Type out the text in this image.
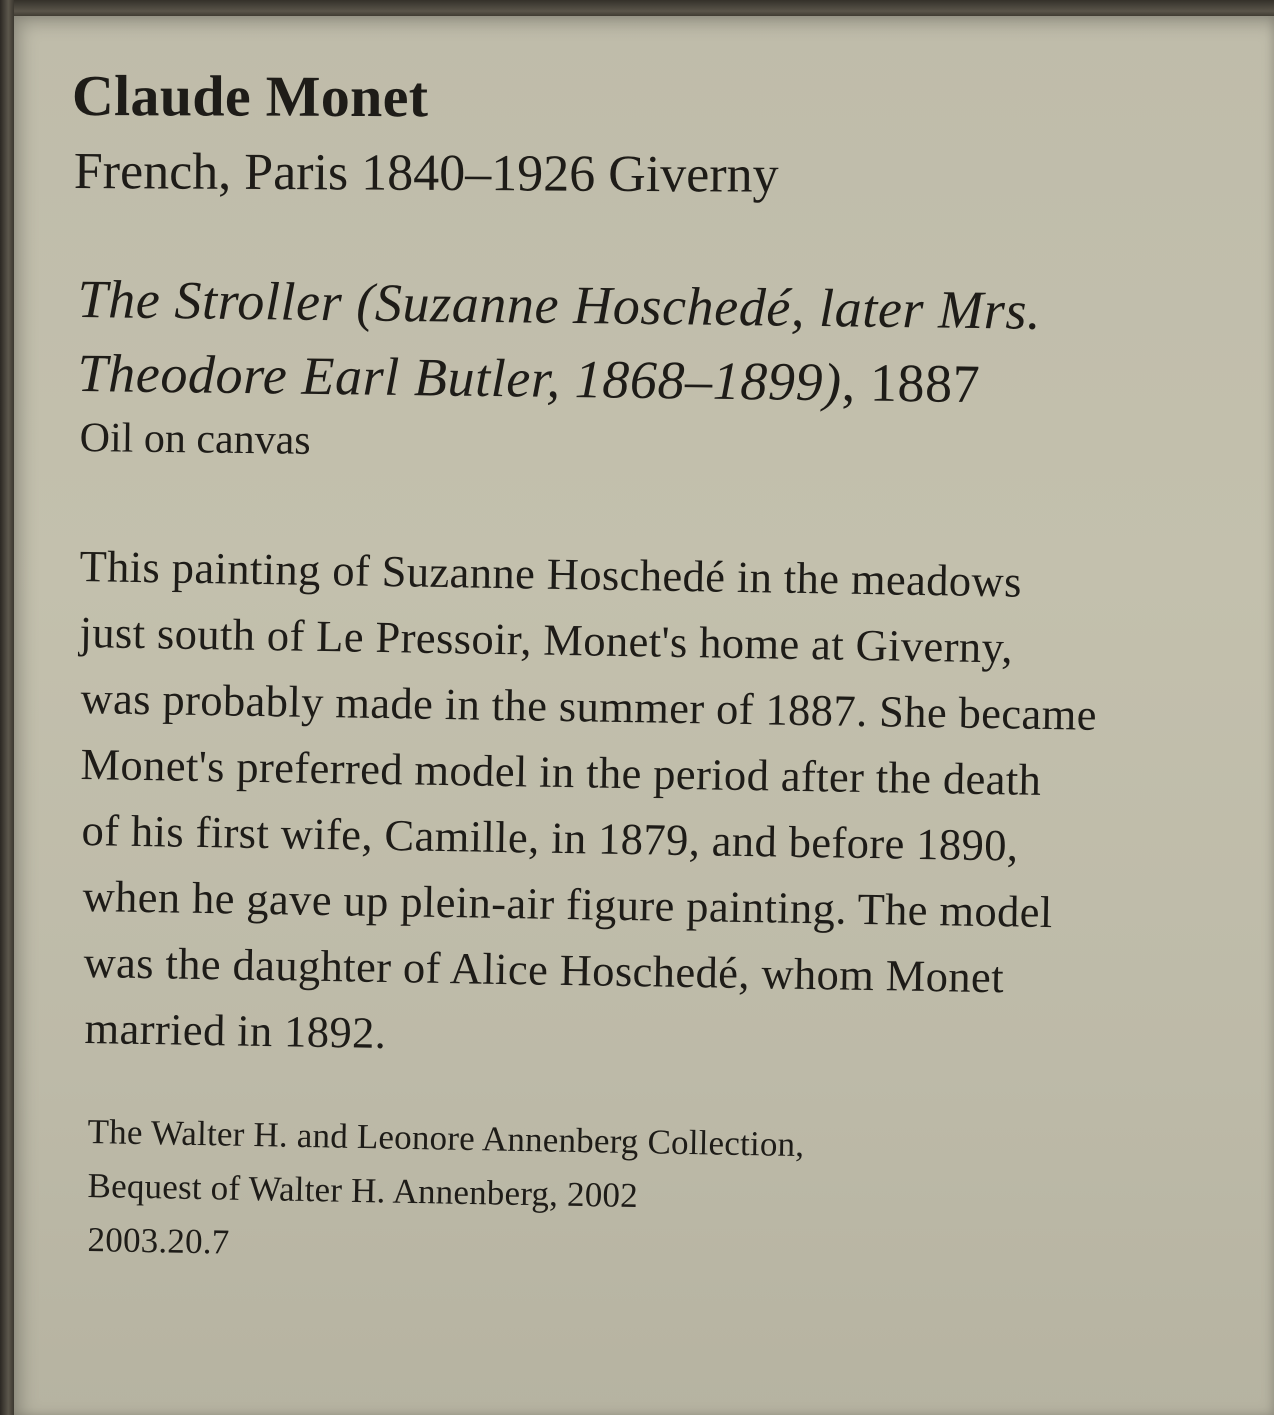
Claude Monet

French, Paris 1840–1926 Giverny

The Stroller (Suzanne Hoschedé, later Mrs.

Theodore Earl Butler, 1868–1899), 1887

Oil on canvas

This painting of Suzanne Hoschedé in the meadows

just south of Le Pressoir, Monet's home at Giverny,

was probably made in the summer of 1887. She became

Monet's preferred model in the period after the death

of his first wife, Camille, in 1879, and before 1890,

when he gave up plein-air figure painting. The model

was the daughter of Alice Hoschedé, whom Monet

married in 1892.

The Walter H. and Leonore Annenberg Collection,

Bequest of Walter H. Annenberg, 2002

2003.20.7
